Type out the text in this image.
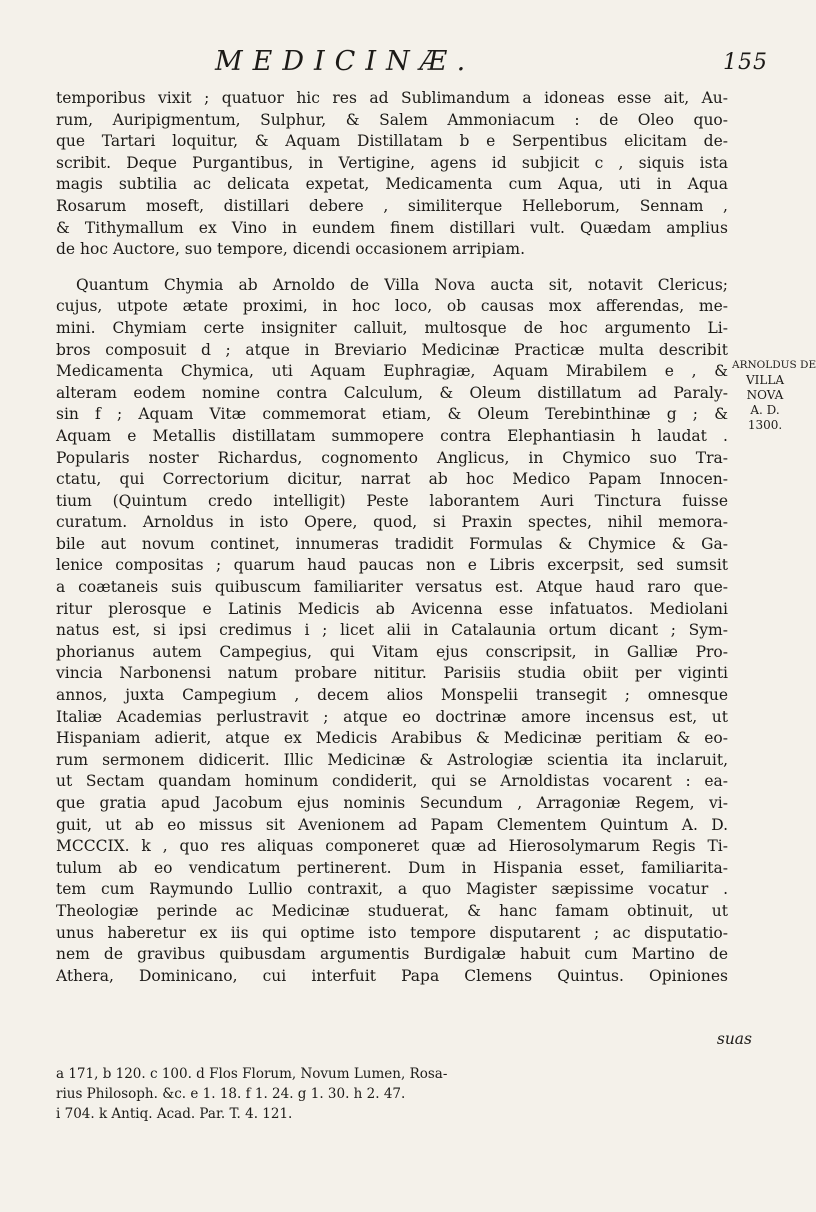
MEDICINÆ.	155

temporibus vixit ; quatuor hic res ad Sublimandum a idoneas esse ait, Au-

rum, Auripigmentum, Sulphur, & Salem Ammoniacum : de Oleo quo-

que Tartari loquitur, & Aquam Distillatam b e Serpentibus elicitam de-

scribit. Deque Purgantibus, in Vertigine, agens id subjicit c , siquis ista

magis subtilia ac delicata expetat, Medicamenta cum Aqua, uti in Aqua

Rosarum moseft, distillari debere , similiterque Helleborum, Sennam ,

& Tithymallum ex Vino in eundem finem distillari vult. Quædam amplius

de hoc Auctore, suo tempore, dicendi occasionem arripiam.

Quantum Chymia ab Arnoldo de Villa Nova aucta sit, notavit Clericus;

cujus, utpote ætate proximi, in hoc loco, ob causas mox afferendas, me-

mini. Chymiam certe insigniter calluit, multosque de hoc argumento Li-

bros composuit d ; atque in Breviario Medicinæ Practicæ multa describit

Medicamenta Chymica, uti Aquam Euphragiæ, Aquam Mirabilem e , &

alteram eodem nomine contra Calculum, & Oleum distillatum ad Paraly-

sin f ; Aquam Vitæ commemorat etiam, & Oleum Terebinthinæ g ; &

Aquam e Metallis distillatam summopere contra Elephantiasin h laudat .

Popularis noster Richardus, cognomento Anglicus, in Chymico suo Tra-

ctatu, qui Correctorium dicitur, narrat ab hoc Medico Papam Innocen-

tium (Quintum credo intelligit) Peste laborantem Auri Tinctura fuisse

curatum. Arnoldus in isto Opere, quod, si Praxin spectes, nihil memora-

bile aut novum continet, innumeras tradidit Formulas & Chymice & Ga-

lenice compositas ; quarum haud paucas non e Libris excerpsit, sed sumsit

a coætaneis suis quibuscum familiariter versatus est. Atque haud raro que-

ritur plerosque e Latinis Medicis ab Avicenna esse infatuatos. Mediolani

natus est, si ipsi credimus i ; licet alii in Catalaunia ortum dicant ; Sym-

phorianus autem Campegius, qui Vitam ejus conscripsit, in Galliæ Pro-

vincia Narbonensi natum probare nititur. Parisiis studia obiit per viginti

annos, juxta Campegium , decem alios Monspelii transegit ; omnesque

Italiæ Academias perlustravit ; atque eo doctrinæ amore incensus est, ut

Hispaniam adierit, atque ex Medicis Arabibus & Medicinæ peritiam & eo-

rum sermonem didicerit. Illic Medicinæ & Astrologiæ scientia ita inclaruit,

ut Sectam quandam hominum condiderit, qui se Arnoldistas vocarent : ea-

que gratia apud Jacobum ejus nominis Secundum , Arragoniæ Regem, vi-

guit, ut ab eo missus sit Avenionem ad Papam Clementem Quintum A. D.

MCCCIX. k , quo res aliquas componeret quæ ad Hierosolymarum Regis Ti-

tulum ab eo vendicatum pertinerent. Dum in Hispania esset, familiarita-

tem cum Raymundo Lullio contraxit, a quo Magister sæpissime vocatur .

Theologiæ perinde ac Medicinæ studuerat, & hanc famam obtinuit, ut

unus haberetur ex iis qui optime isto tempore disputarent ; ac disputatio-

nem de gravibus quibusdam argumentis Burdigalæ habuit cum Martino de

Athera, Dominicano, cui interfuit Papa Clemens Quintus. Opiniones

ARNOLDUS DE
VILLA
NOVA
A. D.
1300.
suas

a 171, b 120. c 100. d Flos Florum, Novum Lumen, Rosa-

rius Philosoph. &c. e 1. 18. f 1. 24. g 1. 30. h 2. 47.

i 704. k Antiq. Acad. Par. T. 4. 121.
